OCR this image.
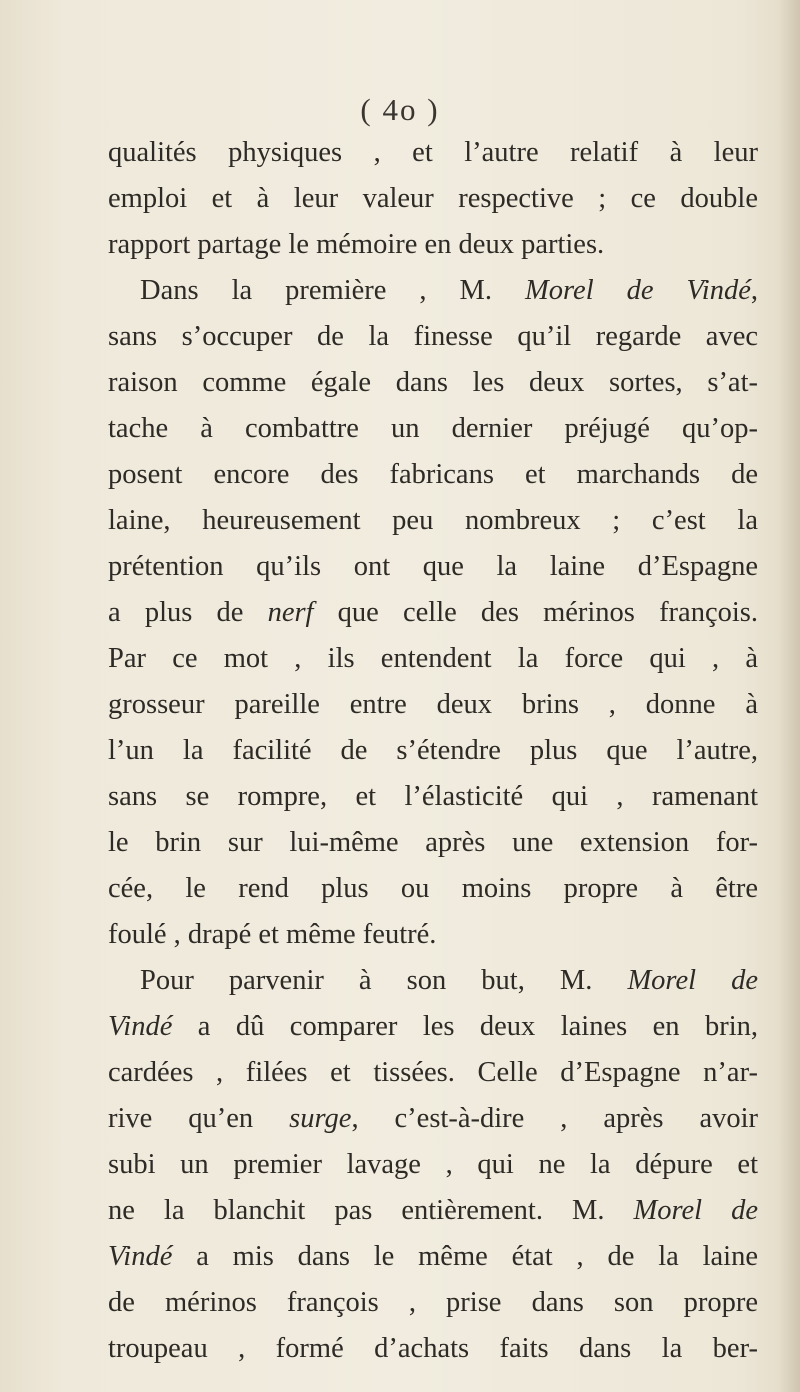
( 4o )
qualités physiques , et l’autre relatif à leur
emploi et à leur valeur respective ; ce double
rapport partage le mémoire en deux parties.
Dans la première , M. Morel de Vindé,
sans s’occuper de la finesse qu’il regarde avec
raison comme égale dans les deux sortes, s’at-
tache à combattre un dernier préjugé qu’op-
posent encore des fabricans et marchands de
laine, heureusement peu nombreux ; c’est la
prétention qu’ils ont que la laine d’Espagne
a plus de nerf que celle des mérinos françois.
Par ce mot , ils entendent la force qui , à
grosseur pareille entre deux brins , donne à
l’un la facilité de s’étendre plus que l’autre,
sans se rompre, et l’élasticité qui , ramenant
le brin sur lui-même après une extension for-
cée, le rend plus ou moins propre à être
foulé , drapé et même feutré.
Pour parvenir à son but, M. Morel de
Vindé a dû comparer les deux laines en brin,
cardées , filées et tissées. Celle d’Espagne n’ar-
rive qu’en surge, c’est-à-dire , après avoir
subi un premier lavage , qui ne la dépure et
ne la blanchit pas entièrement. M. Morel de
Vindé a mis dans le même état , de la laine
de mérinos françois , prise dans son propre
troupeau , formé d’achats faits dans la ber-
